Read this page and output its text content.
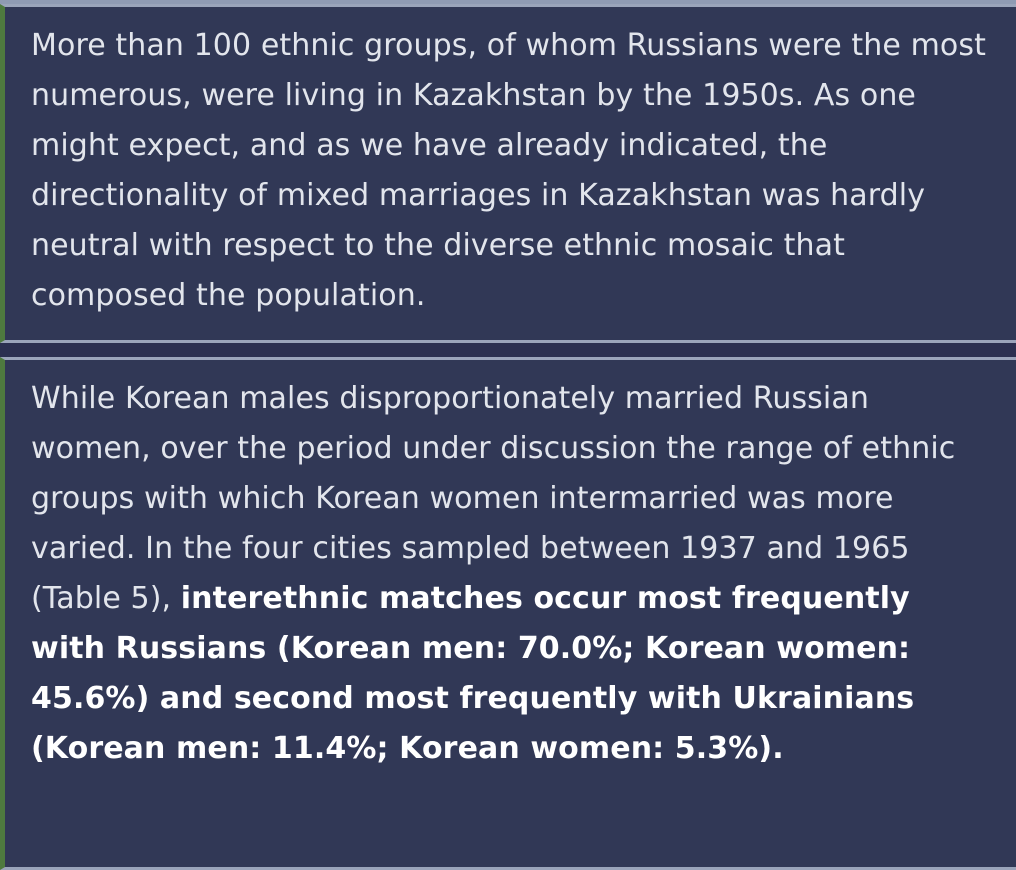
More than 100 ethnic groups, of whom Russians were the most numerous, were living in Kazakhstan by the 1950s. As one might expect, and as we have already indicated, the directionality of mixed marriages in Kazakhstan was hardly neutral with respect to the diverse ethnic mosaic that composed the population.
While Korean males disproportionately married Russian women, over the period under discussion the range of ethnic groups with which Korean women intermarried was more varied. In the four cities sampled between 1937 and 1965 (Table 5), interethnic matches occur most frequently with Russians (Korean men: 70.0%; Korean women: 45.6%) and second most frequently with Ukrainians (Korean men: 11.4%; Korean women: 5.3%).
